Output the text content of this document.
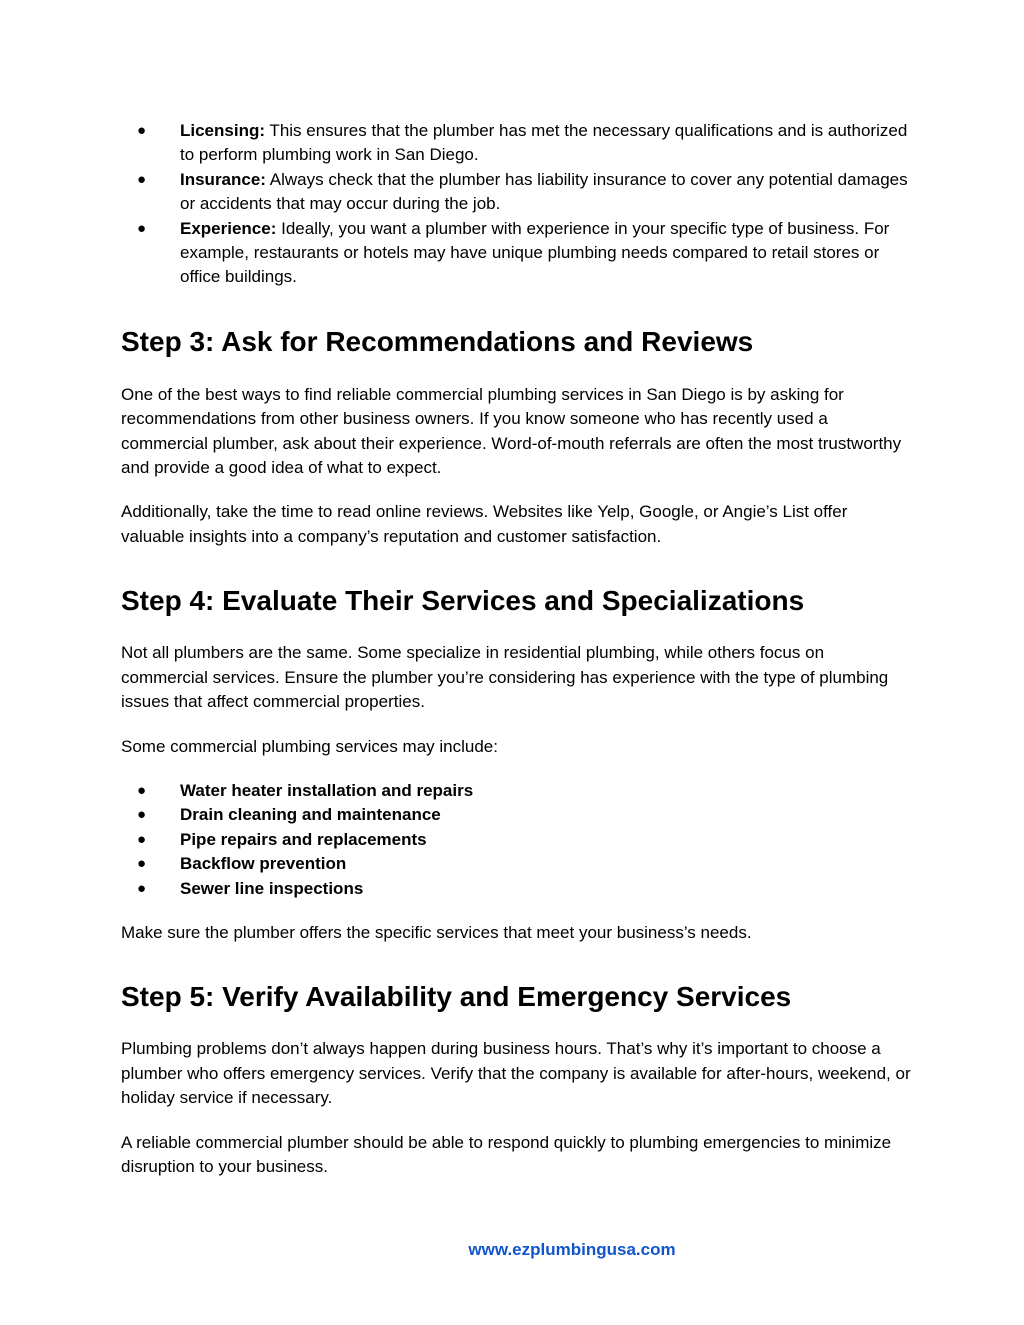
● Licensing: This ensures that the plumber has met the necessary qualifications and is authorized to perform plumbing work in San Diego.
● Insurance: Always check that the plumber has liability insurance to cover any potential damages or accidents that may occur during the job.
● Experience: Ideally, you want a plumber with experience in your specific type of business. For example, restaurants or hotels may have unique plumbing needs compared to retail stores or office buildings.
Step 3: Ask for Recommendations and Reviews

One of the best ways to find reliable commercial plumbing services in San Diego is by asking for recommendations from other business owners. If you know someone who has recently used a commercial plumber, ask about their experience. Word-of-mouth referrals are often the most trustworthy and provide a good idea of what to expect.

Additionally, take the time to read online reviews. Websites like Yelp, Google, or Angie’s List offer valuable insights into a company’s reputation and customer satisfaction.

Step 4: Evaluate Their Services and Specializations

Not all plumbers are the same. Some specialize in residential plumbing, while others focus on commercial services. Ensure the plumber you’re considering has experience with the type of plumbing issues that affect commercial properties.

Some commercial plumbing services may include:

● Water heater installation and repairs
● Drain cleaning and maintenance
● Pipe repairs and replacements
● Backflow prevention
● Sewer line inspections

Make sure the plumber offers the specific services that meet your business’s needs.

Step 5: Verify Availability and Emergency Services

Plumbing problems don’t always happen during business hours. That’s why it’s important to choose a plumber who offers emergency services. Verify that the company is available for after-hours, weekend, or holiday service if necessary.

A reliable commercial plumber should be able to respond quickly to plumbing emergencies to minimize disruption to your business.

www.ezplumbingusa.com
